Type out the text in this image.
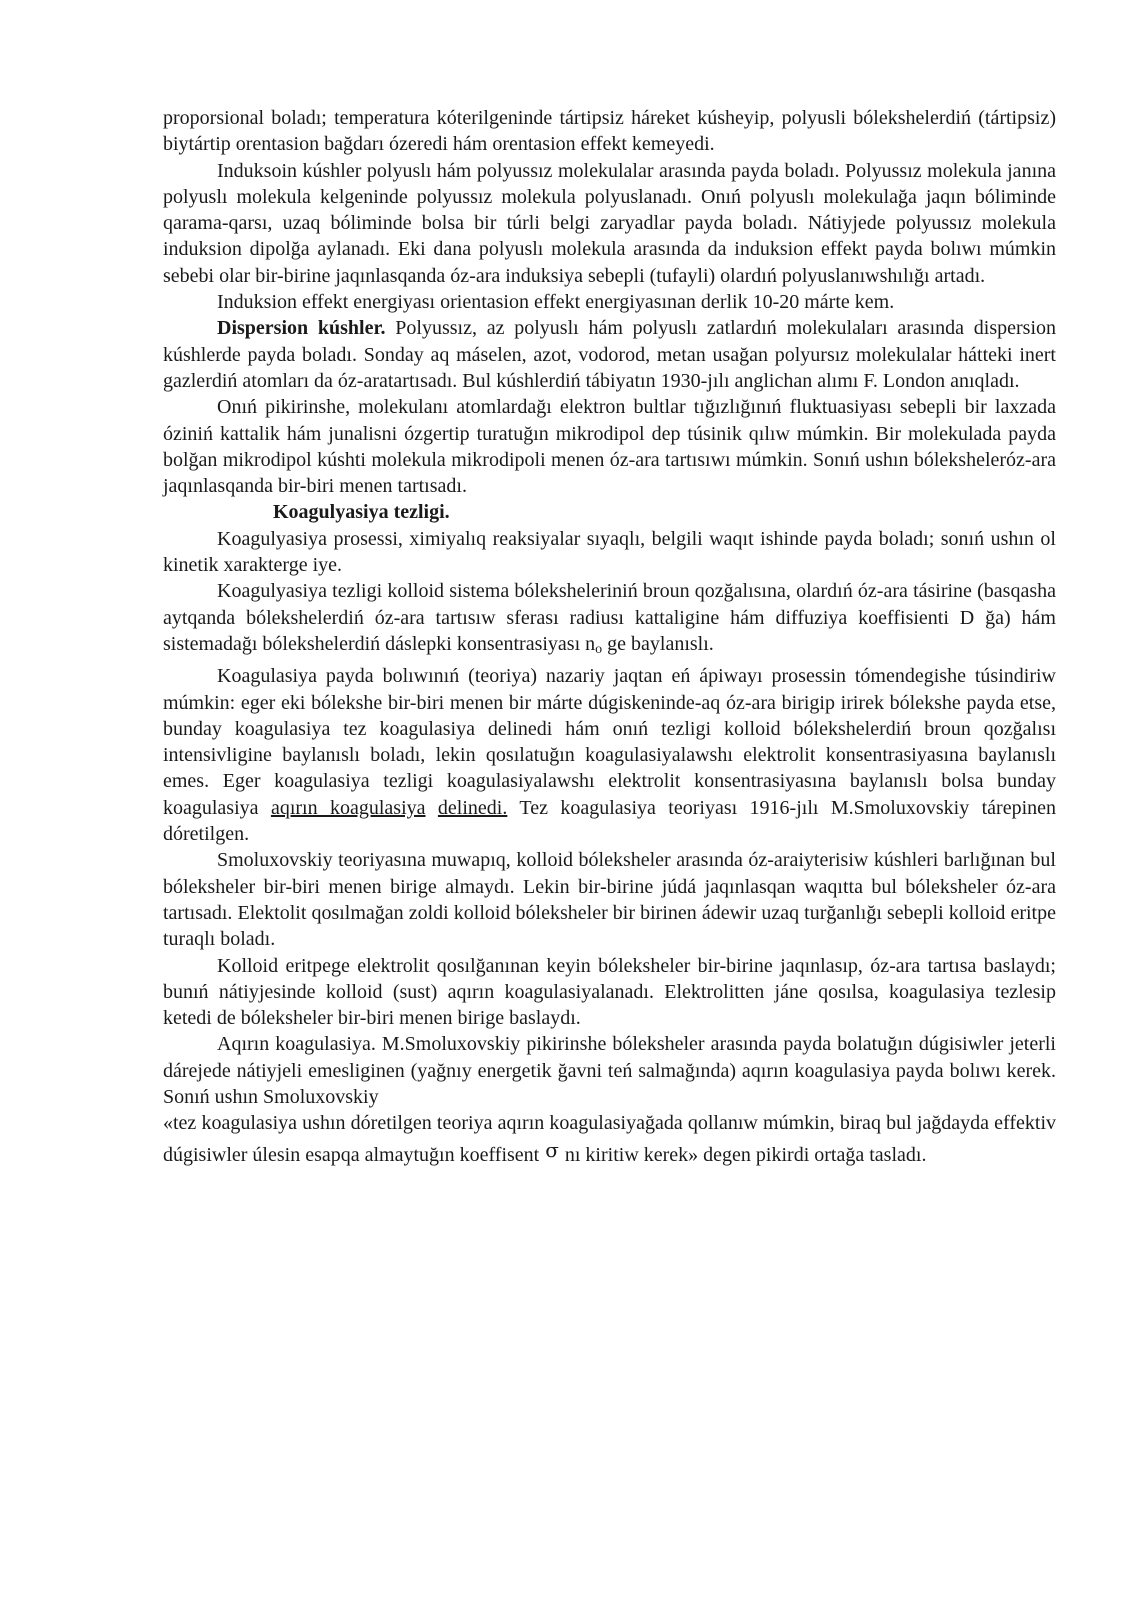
proporsional boladı; temperatura kóterilgeninde tártipsiz háreket kúsheyip, polyusli bólekshelerdiń (tártipsiz) biytártip orentasion bağdarı ózeredi hám orentasion effekt kemeyedi.

Induksoin kúshler polyuslı hám polyussız molekulalar arasında payda boladı. Polyussız molekula janına polyuslı molekula kelgeninde polyussız molekula polyuslanadı. Onıń polyuslı molekulağa jaqın bóliminde qarama-qarsı, uzaq bóliminde bolsa bir túrli belgi zaryadlar payda boladı. Nátiyjede polyussız molekula induksion dipolğa aylanadı. Eki dana polyuslı molekula arasında da induksion effekt payda bolıwı múmkin sebebi olar bir-birine jaqınlasqanda óz-ara induksiya sebepli (tufayli) olardıń polyuslanıwshılığı artadı.

Induksion effekt energiyası orientasion effekt energiyasınan derlik 10-20 márte kem.

Dispersion kúshler. Polyussız, az polyuslı hám polyuslı zatlardıń molekulaları arasında dispersion kúshlerde payda boladı. Sonday aq máselen, azot, vodorod, metan usağan polyursız molekulalar hátteki inert gazlerdiń atomları da óz-aratartısadı. Bul kúshlerdiń tábiyatın 1930-jılı anglichan alımı F. London anıqladı.

Onıń pikirinshe, molekulanı atomlardağı elektron bultlar tığızlığınıń fluktuasiyası sebepli bir laxzada óziniń kattalik hám junalisni ózgertip turatuğın mikrodipol dep túsinik qılıw múmkin. Bir molekulada payda bolğan mikrodipol kúshti molekula mikrodipoli menen óz-ara tartısıwı múmkin. Sonıń ushın bóleksheleróz-ara jaqınlasqanda bir-biri menen tartısadı.

Koagulyasiya tezligi.

Koagulyasiya prosessi, ximiyalıq reaksiyalar sıyaqlı, belgili waqıt ishinde payda boladı; sonıń ushın ol kinetik xarakterge iye.

Koagulyasiya tezligi kolloid sistema bóleksheleriniń broun qozğalısına, olardıń óz-ara tásirine (basqasha aytqanda bólekshelerdiń óz-ara tartısıw sferası radiusı kattaligine hám diffuziya koeffisienti D ğa) hám sistemadağı bólekshelerdiń dáslepki konsentrasiyası $n_o$ ge baylanıslı.

Koagulasiya payda bolıwınıń (teoriya) nazariy jaqtan eń ápiwayı prosessin tómendegishe túsindiriw múmkin: eger eki bólekshe bir-biri menen bir márte dúgiskeninde-aq óz-ara birigip irirek bólekshe payda etse, bunday koagulasiya tez koagulasiya delinedi hám onıń tezligi kolloid bólekshelerdiń broun qozğalısı intensivligine baylanıslı boladı, lekin qosılatuğın koagulasiyalawshı elektrolit konsentrasiyasına baylanıslı emes. Eger koagulasiya tezligi koagulasiyalawshı elektrolit konsentrasiyasına baylanıslı bolsa bunday koagulasiya aqırın koagulasiya delinedi. Tez koagulasiya teoriyası 1916-jılı M.Smoluxovskiy tárepinen dóretilgen.

Smoluxovskiy teoriyasına muwapıq, kolloid bóleksheler arasında óz-araiyterisiw kúshleri barlığınan bul bóleksheler bir-biri menen birige almaydı. Lekin bir-birine júdá jaqınlasqan waqıtta bul bóleksheler óz-ara tartısadı. Elektolit qosılmağan zoldi kolloid bóleksheler bir birinen ádewir uzaq turğanlığı sebepli kolloid eritpe turaqlı boladı.

Kolloid eritpege elektrolit qosılğanınan keyin bóleksheler bir-birine jaqınlasıp, óz-ara tartısa baslaydı; bunıń nátiyjesinde kolloid (sust) aqırın koagulasiyalanadı. Elektrolitten jáne qosılsa, koagulasiya tezlesip ketedi de bóleksheler bir-biri menen birige baslaydı.

Aqırın koagulasiya. M.Smoluxovskiy pikirinshe bóleksheler arasında payda bolatuğın dúgisiwler jeterli dárejede nátiyjeli emesliginen (yağnıy energetik ğavni teń salmağında) aqırın koagulasiya payda bolıwı kerek. Sonıń ushın Smoluxovskiy

«tez koagulasiya ushın dóretilgen teoriya aqırın koagulasiyağada qollanıw múmkin, biraq bul jağdayda effektiv dúgisiwler úlesin esapqa almaytuğın koeffisent σ nı kiritiw kerek» degen pikirdi ortağa tasladı.
